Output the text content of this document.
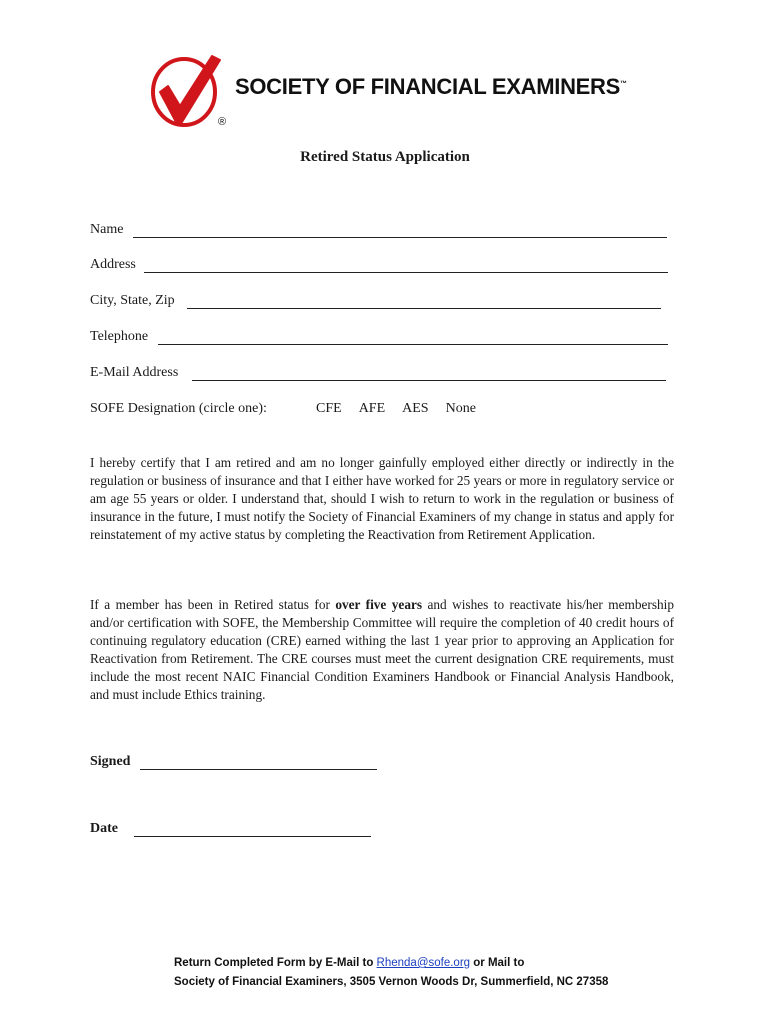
SOCIETY OF FINANCIAL EXAMINERS™
®
Retired Status Application
Name
Address
City, State, Zip
Telephone
E-Mail Address
SOFE Designation (circle one):	CFE AFE AES None
I hereby certify that I am retired and am no longer gainfully employed either directly or indirectly in the regulation or business of insurance and that I either have worked for 25 years or more in regulatory service or am age 55 years or older. I understand that, should I wish to return to work in the regulation or business of insurance in the future, I must notify the Society of Financial Examiners of my change in status and apply for reinstatement of my active status by completing the Reactivation from Retirement Application.
If a member has been in Retired status for over five years and wishes to reactivate his/her membership and/or certification with SOFE, the Membership Committee will require the completion of 40 credit hours of continuing regulatory education (CRE) earned withing the last 1 year prior to approving an Application for Reactivation from Retirement. The CRE courses must meet the current designation CRE requirements, must include the most recent NAIC Financial Condition Examiners Handbook or Financial Analysis Handbook, and must include Ethics training.
Signed
Date
Return Completed Form by E-Mail to Rhenda@sofe.org or Mail to
Society of Financial Examiners, 3505 Vernon Woods Dr, Summerfield, NC 27358
